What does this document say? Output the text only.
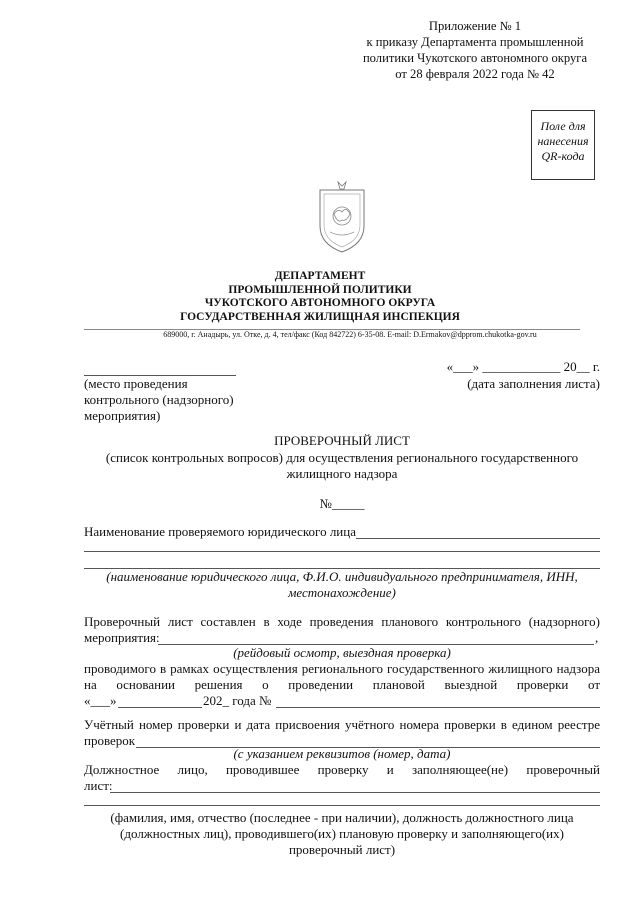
Приложение № 1
к приказу Департамента промышленной
политики Чукотского автономного округа
от 28 февраля 2022 года № 42
Поле для
нанесения
QR-кода
ДЕПАРТАМЕНТ
ПРОМЫШЛЕННОЙ ПОЛИТИКИ
ЧУКОТСКОГО АВТОНОМНОГО ОКРУГА
ГОСУДАРСТВЕННАЯ ЖИЛИЩНАЯ ИНСПЕКЦИЯ
689000, г. Анадырь, ул. Отке, д. 4, тел/факс (Код 842722) 6-35-08. E-mail: D.Ermakov@dpprom.chukotka-gov.ru
(место проведения
контрольного (надзорного)
мероприятия)
«___» ____________ 20__ г.
(дата заполнения листа)
ПРОВЕРОЧНЫЙ ЛИСТ
(список контрольных вопросов) для осуществления регионального государственного
жилищного надзора
№_____
Наименование проверяемого юридического лица
(наименование юридического лица, Ф.И.О. индивидуального предпринимателя, ИНН,
местонахождение)
Проверочный лист составлен в ходе проведения планового контрольного (надзорного)
мероприятия:	,
(рейдовый осмотр, выездная проверка)
проводимого в рамках осуществления регионального государственного жилищного надзора
на основании решения о проведении плановой выездной проверки от
«___»	202_ года №
Учётный номер проверки и дата присвоения учётного номера проверки в едином реестре
проверок
(с указанием реквизитов (номер, дата)
Должностное лицо, проводившее проверку и заполняющее(не) проверочный
лист:
(фамилия, имя, отчество (последнее - при наличии), должность должностного лица
(должностных лиц), проводившего(их) плановую проверку и заполняющего(их)
проверочный лист)
